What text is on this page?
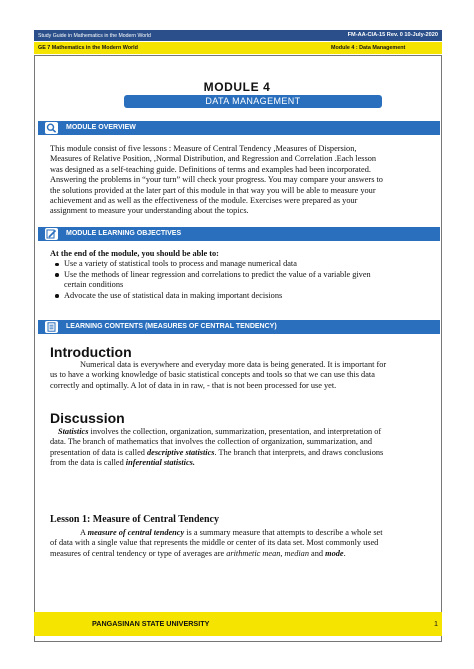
Study Guide in Mathematics in the Modern World	FM-AA-CIA-15 Rev. 0 10-July-2020
GE 7 Mathematics in the Modern World	Module 4 : Data Management
MODULE 4
DATA MANAGEMENT
MODULE OVERVIEW

This module consist of five lessons : Measure of Central Tendency ,Measures of Dispersion,

Measures of Relative Position, ,Normal Distribution, and Regression and Correlation .Each lesson

was designed as a self-teaching guide. Definitions of terms and examples had been incorporated.

Answering the problems in “your turn” will check your progress. You may compare your answers to

the solutions provided at the later part of this module in that way you will be able to measure your

achievement and as well as the effectiveness of the module. Exercises were prepared as your

assignment to measure your understanding about the topics.

MODULE LEARNING OBJECTIVES

At the end of the module, you should be able to:

Use a variety of statistical tools to process and manage numerical data
Use the methods of linear regression and correlations to predict the value of a variable given

certain conditions

Advocate the use of statistical data in making important decisions
LEARNING CONTENTS (MEASURES OF CENTRAL TENDENCY)
Introduction

Numerical data is everywhere and everyday more data is being generated. It is important for

us to have a working knowledge of basic statistical concepts and tools so that we can use this data

correctly and optimally. A lot of data in in raw, - that is not been processed for use yet.

Discussion

Statistics involves the collection, organization, summarization, presentation, and interpretation of

data. The branch of mathematics that involves the collection of organization, summarization, and

presentation of data is called descriptive statistics. The branch that interprets, and draws conclusions

from the data is called inferential statistics.

Lesson 1: Measure of Central Tendency

A measure of central tendency is a summary measure that attempts to describe a whole set

of data with a single value that represents the middle or center of its data set. Most commonly used

measures of central tendency or type of averages are arithmetic mean, median and mode.

PANGASINAN STATE UNIVERSITY	1
